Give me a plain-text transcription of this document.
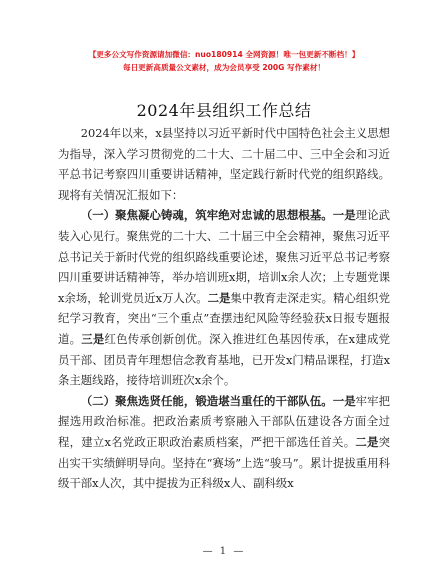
【更多公文写作资源请加微信：nuo180914 全网资源！唯一包更新不断档！】
每日更新高质量公文素材，成为会员享受 200G 写作素材！
2024年县组织工作总结

2024年以来，x县坚持以习近平新时代中国特色社会主义思想为指导，深入学习贯彻党的二十大、二十届二中、三中全会和习近平总书记考察四川重要讲话精神，坚定践行新时代党的组织路线。现将有关情况汇报如下：

（一）聚焦凝心铸魂，筑牢绝对忠诚的思想根基。一是理论武装入心见行。聚焦党的二十大、二十届三中全会精神，聚焦习近平总书记关于新时代党的组织路线重要论述，聚焦习近平总书记考察四川重要讲话精神等，举办培训班x期，培训x余人次；上专题党课x余场，轮训党员近x万人次。二是集中教育走深走实。精心组织党纪学习教育，突出“三个重点”查摆违纪风险等经验获x日报专题报道。三是红色传承创新创优。深入推进红色基因传承，在x建成党员干部、团员青年理想信念教育基地，已开发x门精品课程，打造x条主题线路，接待培训班次x余个。

（二）聚焦选贤任能，锻造堪当重任的干部队伍。一是牢牢把握选用政治标准。把政治素质考察融入干部队伍建设各方面全过程，建立x名党政正职政治素质档案，严把干部选任首关。二是突出实干实绩鲜明导向。坚持在“赛场”上选“骏马”。累计提拔重用科级干部x人次，其中提拔为正科级x人、副科级x

— 1 —
